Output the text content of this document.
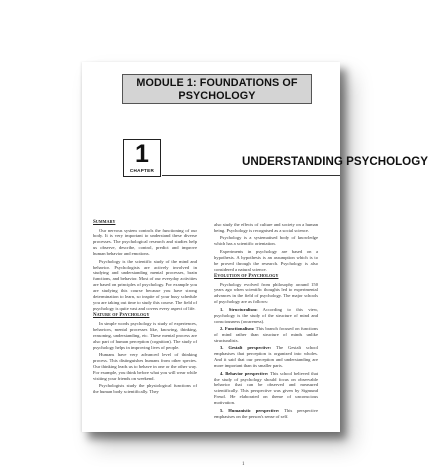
MODULE 1: FOUNDATIONS OF
PSYCHOLOGY
1
CHAPTER
UNDERSTANDING PSYCHOLOGY
Summary

Our nervous system controls the functioning of our body. It is very important to understand these diverse processes. The psychological research and studies help us observe, describe, control, predict and improve human behavior and emotions.

Psychology is the scientific study of the mind and behavior. Psychologists are actively involved in studying and understanding mental processes, brain functions, and behavior. Most of our everyday activities are based on principles of psychology. For example you are studying this course because you have strong determination to learn, so inspite of your busy schedule you are taking out time to study this course. The field of psychology is quite vast and covers every aspect of life.

Nature of Psychology

In simple words psychology is study of experiences, behaviors, mental processes like, knowing, thinking, reasoning, understanding, etc. These mental process are also part of human perception (cognition). The study of psychology helps in improving lives of people.

Humans have very advanced level of thinking process. This distinguishes humans from other species. Our thinking leads us to behave in one or the other way. For example, you think before what you will wear while visiting your friends on weekend.

Psychologists study the physiological functions of the human body scientifically. They

also study the effects of culture and society on a human being. Psychology is recognised as a social science.

Psychology is a systematised body of knowledge which has a scientific orientation.

Experiments in psychology are based on a hypothesis. A hypothesis is an assumption which is to be proved through the research. Psychology is also considered a natural science.

Evolution of Psychology

Psychology evolved from philosophy around 150 years ago when scientific thoughts led to experimental advances in the field of psychology. The major schools of psychology are as follows:

1. Structuralism: According to this view, psychology is the study of the structure of mind and consciousness (awareness).

2. Functionalism: This branch focused on functions of mind rather than structure of minds unlike structuralists.

3. Gestalt perspective: The Gestalt school emphasises that perception is organized into wholes. And it said that our perception and understanding are more important than its smaller parts.

4. Behavior perspective: This school believed that the study of psychology should focus on observable behavior that can be observed and measured scientifically. This perspective was given by Sigmund Freud. He elaborated on theme of unconscious motivation.

5. Humanistic perspective: This perspective emphasises on the person's sense of self.

1
